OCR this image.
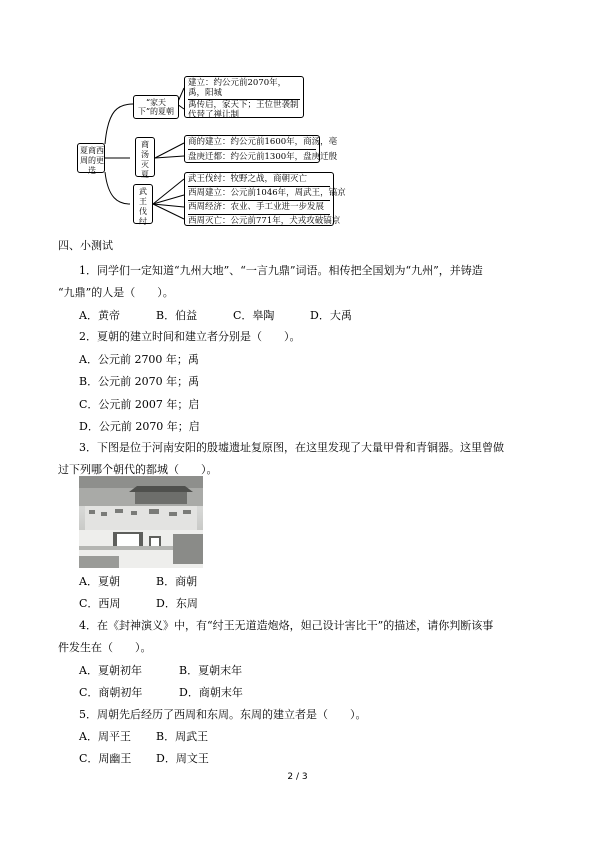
夏商西周的更迭
“家天下”的夏朝
建立：约公元前2070年，禹，阳城
禹传启，家天下；王位世袭制代替了禅让制
商汤灭夏
商的建立：约公元前1600年，商汤，亳
盘庚迁都：约公元前1300年，盘庚迁殷
武王伐纣
武王伐纣：牧野之战，商朝灭亡
西周建立：公元前1046年，周武王，镐京
西周经济：农业、手工业进一步发展
西周灭亡：公元前771年，犬戎攻破镐京
四、小测试
1．同学们一定知道“九州大地”、“一言九鼎”词语。相传把全国划为“九州”，并铸造
“九鼎”的人是（　　）。
A．黄帝	B．伯益	C．皋陶	D．大禹
2．夏朝的建立时间和建立者分别是（　　）。
A．公元前 2700 年；禹
B．公元前 2070 年；禹
C．公元前 2007 年；启
D．公元前 2070 年；启
3．下图是位于河南安阳的殷墟遗址复原图，在这里发现了大量甲骨和青铜器。这里曾做
过下列哪个朝代的都城（　　）。
A．夏朝	B．商朝
C．西周	D．东周
4．在《封神演义》中，有“纣王无道造炮烙，妲己设计害比干”的描述，请你判断该事
件发生在（　　）。
A．夏朝初年	B．夏朝末年
C．商朝初年	D．商朝末年
5．周朝先后经历了西周和东周。东周的建立者是（　　）。
A．周平王 B．周武王
C．周幽王 D．周文王
2 / 3
